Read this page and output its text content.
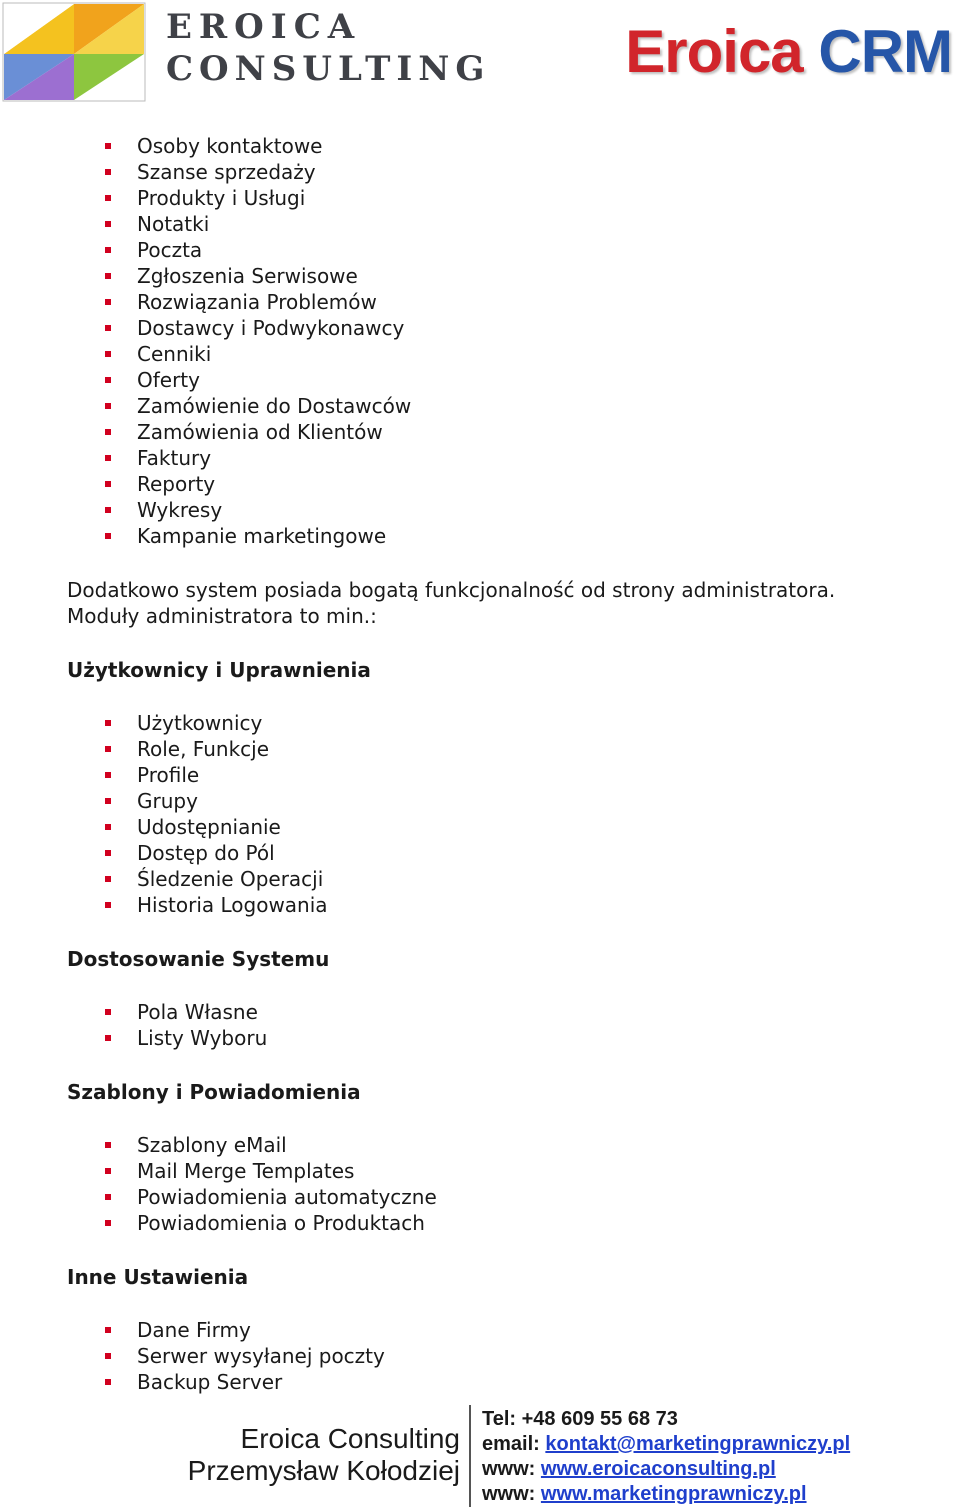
EROICA
CONSULTING Eroica CRM
Osoby kontaktowe
Szanse sprzedaży
Produkty i Usługi
Notatki
Poczta
Zgłoszenia Serwisowe
Rozwiązania Problemów
Dostawcy i Podwykonawcy
Cenniki
Oferty
Zamówienie do Dostawców
Zamówienia od Klientów
Faktury
Reporty
Wykresy
Kampanie marketingowe
Dodatkowo system posiada bogatą funkcjonalność od strony administratora. Moduły administratora to min.:
Użytkownicy i Uprawnienia
Użytkownicy
Role, Funkcje
Profile
Grupy
Udostępnianie
Dostęp do Pól
Śledzenie Operacji
Historia Logowania
Dostosowanie Systemu
Pola Własne
Listy Wyboru
Szablony i Powiadomienia
Szablony eMail
Mail Merge Templates
Powiadomienia automatyczne
Powiadomienia o Produktach
Inne Ustawienia
Dane Firmy
Serwer wysyłanej poczty
Backup Server
Eroica Consulting
Przemysław Kołodziej
Tel: +48 609 55 68 73
email: kontakt@marketingprawniczy.pl
www: www.eroicaconsulting.pl
www: www.marketingprawniczy.pl
